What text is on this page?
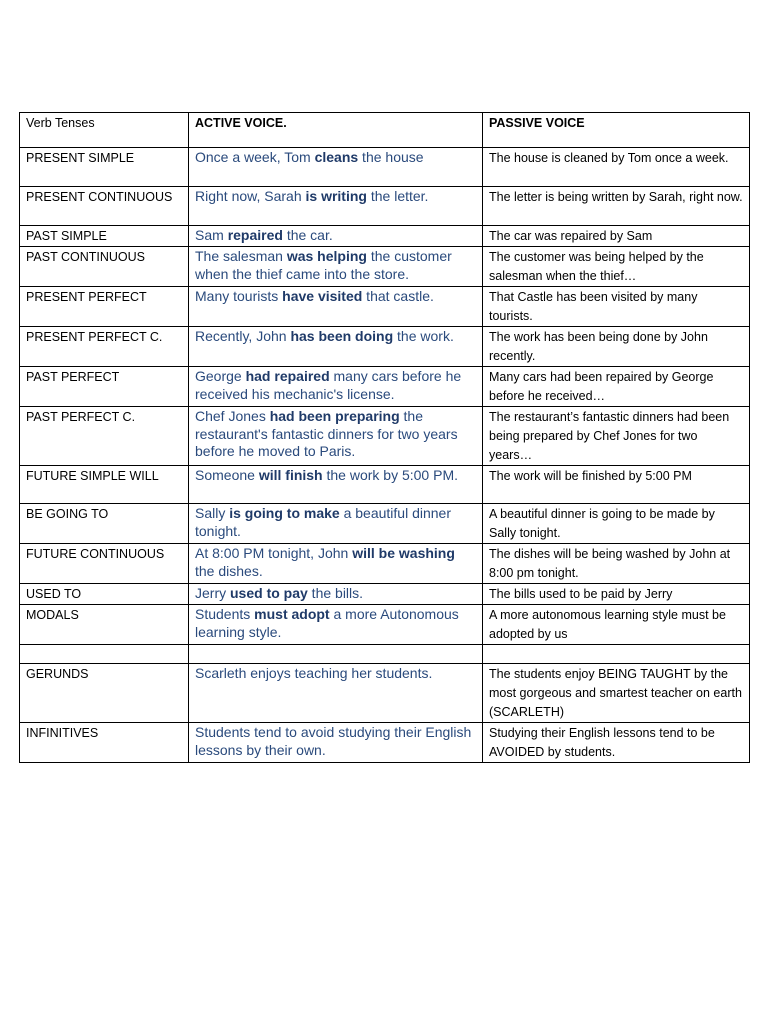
Verb Tenses	ACTIVE VOICE.	PASSIVE VOICE
PRESENT SIMPLE	Once a week, Tom cleans the house	The house is cleaned by Tom once a week.

PRESENT CONTINUOUS	Right now, Sarah is writing the letter.	The letter is being written by Sarah, right now.

PAST SIMPLE	Sam repaired the car.	The car was repaired by Sam

PAST CONTINUOUS	The salesman was helping the customer when the thief came into the store.	The customer was being helped by the salesman when the thief…

PRESENT PERFECT	Many tourists have visited that castle.	That Castle has been visited by many tourists.

PRESENT PERFECT C.	Recently, John has been doing the work.	The work has been being done by John recently.

PAST PERFECT	George had repaired many cars before he received his mechanic's license.	Many cars had been repaired by George before he received…

PAST PERFECT C.	Chef Jones had been preparing the restaurant's fantastic dinners for two years before he moved to Paris.	The restaurant’s fantastic dinners had been being prepared by Chef Jones for two years…

FUTURE SIMPLE WILL	Someone will finish the work by 5:00 PM.	The work will be finished by 5:00 PM

BE GOING TO	Sally is going to make a beautiful dinner tonight.	A beautiful dinner is going to be made by Sally tonight.

FUTURE CONTINUOUS	At 8:00 PM tonight, John will be washing the dishes.	The dishes will be being washed by John at 8:00 pm tonight.

USED TO	Jerry used to pay the bills.	The bills used to be paid by Jerry

MODALS	Students must adopt a more Autonomous learning style.	A more autonomous learning style must be adopted by us

GERUNDS	Scarleth enjoys teaching her students.	The students enjoy BEING TAUGHT by the most gorgeous and smartest teacher on earth (SCARLETH)

INFINITIVES	Students tend to avoid studying their English lessons by their own.	Studying their English lessons tend to be AVOIDED by students.
